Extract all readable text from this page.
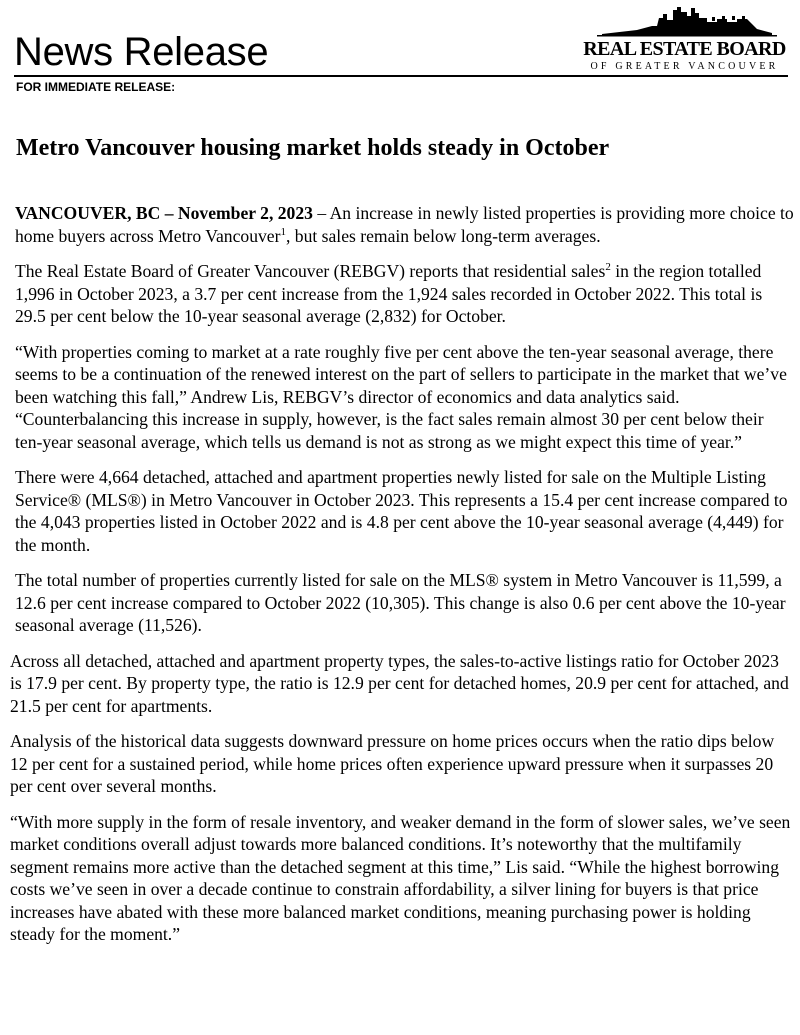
News Release
FOR IMMEDIATE RELEASE:
REAL ESTATE BOARD
OF GREATER VANCOUVER
Metro Vancouver housing market holds steady in October

VANCOUVER, BC – November 2, 2023 – An increase in newly listed properties is providing more choice to home buyers across Metro Vancouver$^1$, but sales remain below long-term averages.

The Real Estate Board of Greater Vancouver (REBGV) reports that residential sales$^2$ in the region totalled 1,996 in October 2023, a 3.7 per cent increase from the 1,924 sales recorded in October 2022. This total is 29.5 per cent below the 10-year seasonal average (2,832) for October.

“With properties coming to market at a rate roughly five per cent above the ten-year seasonal average, there seems to be a continuation of the renewed interest on the part of sellers to participate in the market that we’ve been watching this fall,” Andrew Lis, REBGV’s director of economics and data analytics said. “Counterbalancing this increase in supply, however, is the fact sales remain almost 30 per cent below their ten-year seasonal average, which tells us demand is not as strong as we might expect this time of year.”

There were 4,664 detached, attached and apartment properties newly listed for sale on the Multiple Listing Service® (MLS®) in Metro Vancouver in October 2023. This represents a 15.4 per cent increase compared to the 4,043 properties listed in October 2022 and is 4.8 per cent above the 10-year seasonal average (4,449) for the month.

The total number of properties currently listed for sale on the MLS® system in Metro Vancouver is 11,599, a 12.6 per cent increase compared to October 2022 (10,305). This change is also 0.6 per cent above the 10-year seasonal average (11,526).

Across all detached, attached and apartment property types, the sales-to-active listings ratio for October 2023 is 17.9 per cent. By property type, the ratio is 12.9 per cent for detached homes, 20.9 per cent for attached, and 21.5 per cent for apartments.

Analysis of the historical data suggests downward pressure on home prices occurs when the ratio dips below 12 per cent for a sustained period, while home prices often experience upward pressure when it surpasses 20 per cent over several months.

“With more supply in the form of resale inventory, and weaker demand in the form of slower sales, we’ve seen market conditions overall adjust towards more balanced conditions. It’s noteworthy that the multifamily segment remains more active than the detached segment at this time,” Lis said. “While the highest borrowing costs we’ve seen in over a decade continue to constrain affordability, a silver lining for buyers is that price increases have abated with these more balanced market conditions, meaning purchasing power is holding steady for the moment.”
